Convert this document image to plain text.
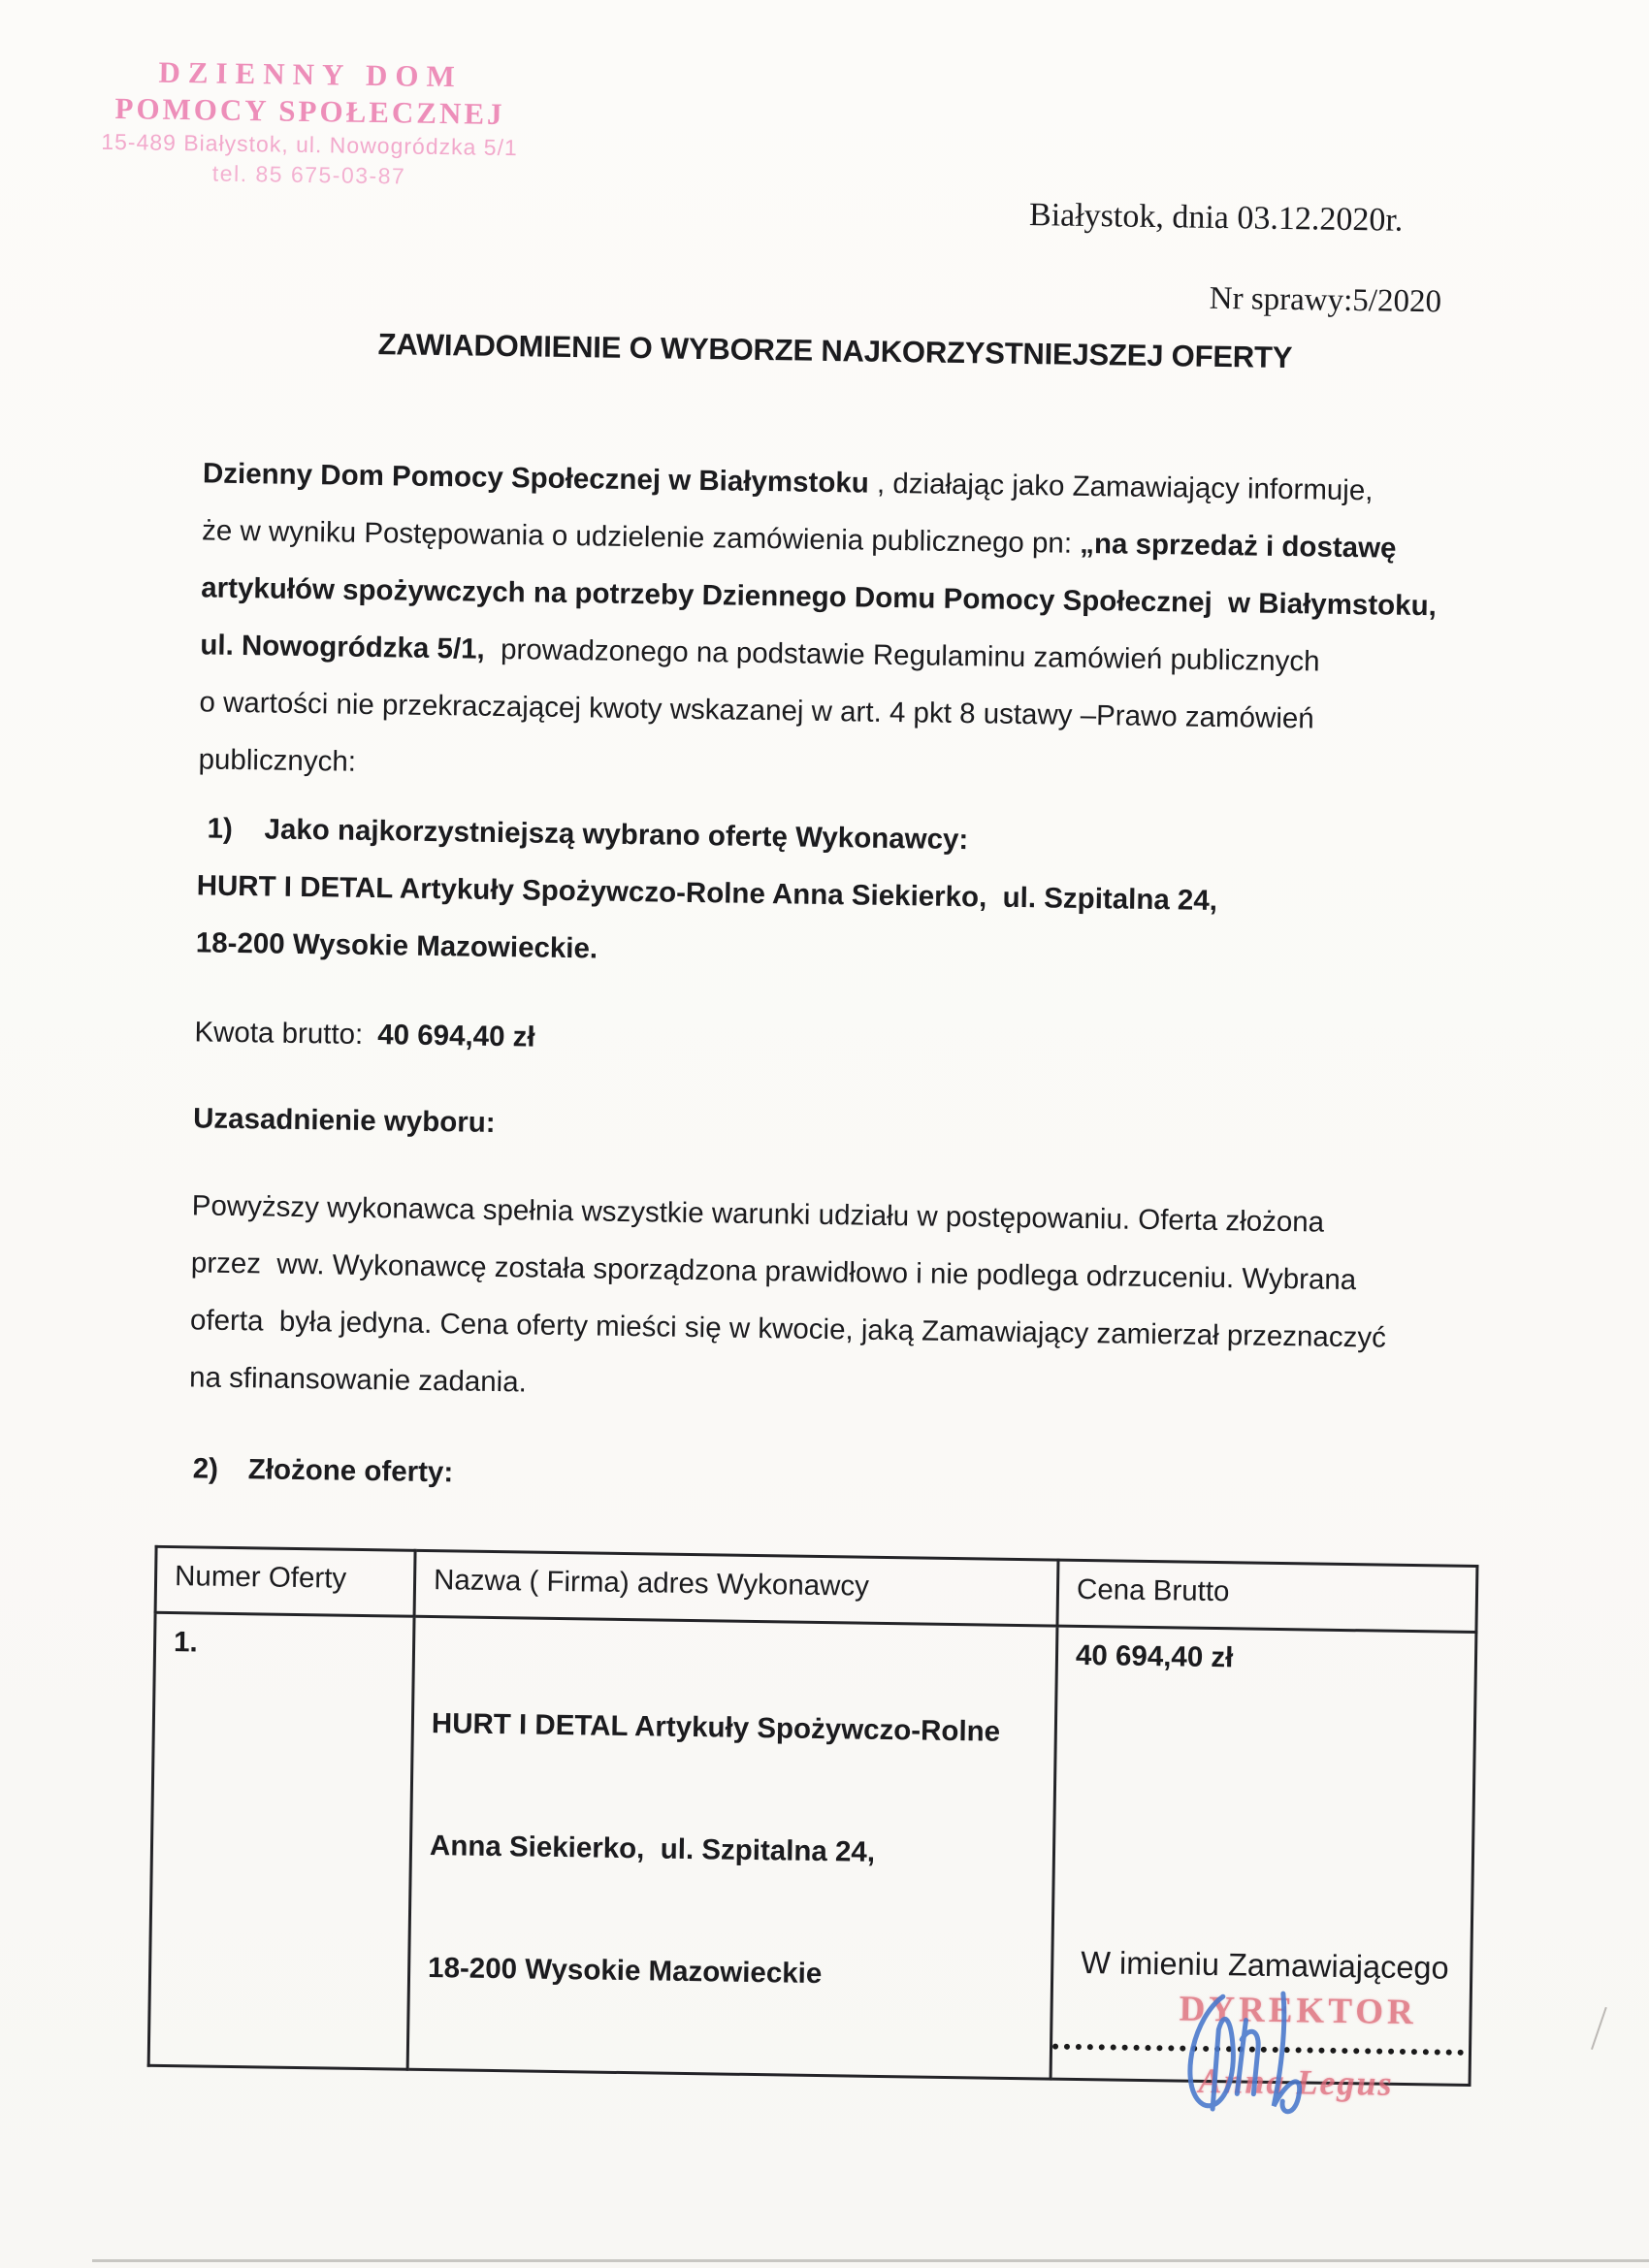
DZIENNY DOM
POMOCY SPOŁECZNEJ
15-489 Białystok, ul. Nowogródzka 5/1
tel. 85 675-03-87
Białystok, dnia 03.12.2020r.
Nr sprawy:5/2020
ZAWIADOMIENIE O WYBORZE NAJKORZYSTNIEJSZEJ OFERTY
Dzienny Dom Pomocy Społecznej w Białymstoku , działając jako Zamawiający informuje,
że w wyniku Postępowania o udzielenie zamówienia publicznego pn: „na sprzedaż i dostawę
artykułów spożywczych na potrzeby Dziennego Domu Pomocy Społecznej  w Białymstoku,
ul. Nowogródzka 5/1,  prowadzonego na podstawie Regulaminu zamówień publicznych
o wartości nie przekraczającej kwoty wskazanej w art. 4 pkt 8 ustawy –Prawo zamówień
publicznych:
1) Jako najkorzystniejszą wybrano ofertę Wykonawcy:
HURT I DETAL Artykuły Spożywczo-Rolne Anna Siekierko,  ul. Szpitalna 24,
18-200 Wysokie Mazowieckie.
Kwota brutto: 40 694,40 zł
Uzasadnienie wyboru:
Powyższy wykonawca spełnia wszystkie warunki udziału w postępowaniu. Oferta złożona
przez  ww. Wykonawcę została sporządzona prawidłowo i nie podlega odrzuceniu. Wybrana
oferta  była jedyna. Cena oferty mieści się w kwocie, jaką Zamawiający zamierzał przeznaczyć
na sfinansowanie zadania.
2) Złożone oferty:
Numer Oferty	Nazwa ( Firma) adres Wykonawcy	Cena Brutto
1.	HURT I DETAL Artykuły Spożywczo-Rolne

Anna Siekierko,  ul. Szpitalna 24,

18-200 Wysokie Mazowieckie	40 694,40 zł
W imieniu Zamawiającego
DYREKTOR
Anna Legus
